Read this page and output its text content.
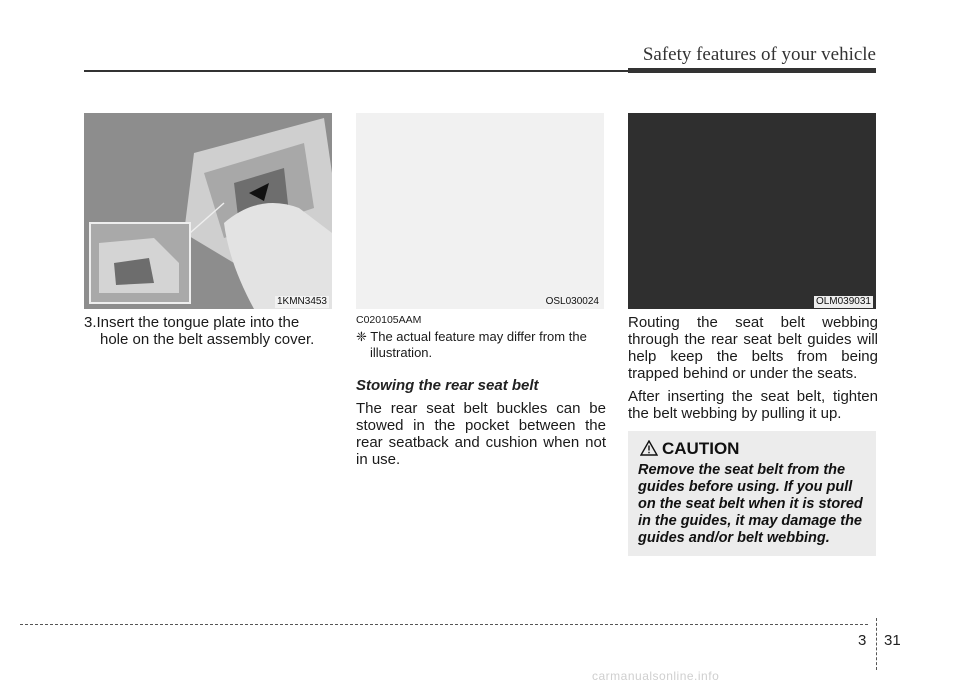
Safety features of your vehicle
1KMN3453	OSL030024	OLM039031

3.Insert the tongue plate into the
hole on the belt assembly cover.

C020105AAM

❈ The actual feature may differ from the
illustration.

Stowing the rear seat belt

The rear seat belt buckles can be stowed in the pocket between the rear seatback and cushion when not in use.

Routing the seat belt webbing through the rear seat belt guides will help keep the belts from being trapped behind or under the seats.

After inserting the seat belt, tighten the belt webbing by pulling it up.

CAUTION

Remove the seat belt from the guides before using. If you pull on the seat belt when it is stored in the guides, it may damage the guides and/or belt webbing.

3 31
carmanualsonline.info
